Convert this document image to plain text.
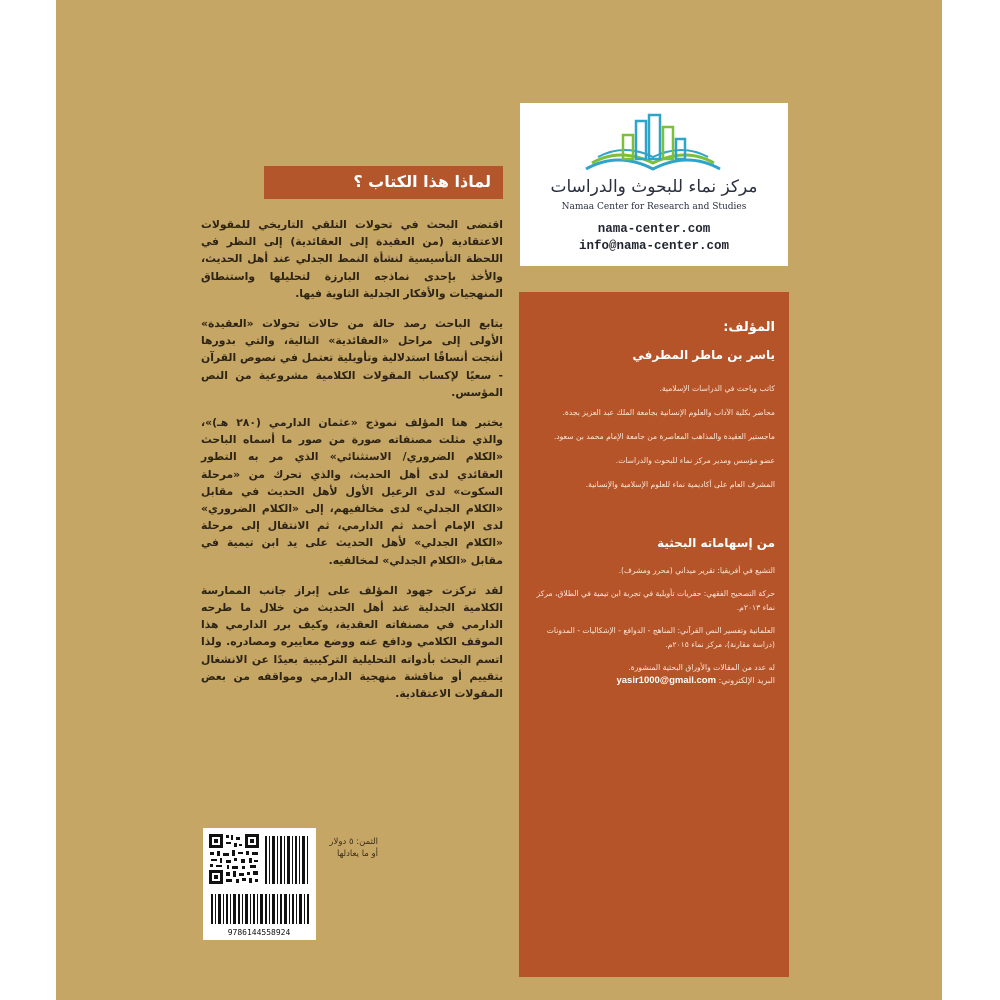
مركز نماء للبحوث والدراسات
Namaa Center for Research and Studies
nama-center.com
info@nama-center.com
لماذا هذا الكتاب ؟

اقتضى البحث في تحولات التلقي التاريخي للمقولات الاعتقادية (من العقيدة إلى العقائدية) إلى النظر في اللحظة التأسيسية لنشأة النمط الجدلي عند أهل الحديث، والأخذ بإحدى نماذجه البارزة لتحليلها واستنطاق المنهجيات والأفكار الجدلية الثاوية فيها.

يتابع الباحث رصد حالة من حالات تحولات «العقيدة» الأولى إلى مراحل «العقائدية» التالية، والتي بدورها أنتجت أنساقًا استدلالية وتأويلية تعتمل في نصوص القرآن - سعيًا لإكساب المقولات الكلامية مشروعية من النص المؤسس.

يختبر هنا المؤلف نموذج «عثمان الدارمي (٢٨٠ هـ)»، والذي مثلت مصنفاته صورة من صور ما أسماه الباحث «الكلام الضروري/ الاستثنائي» الذي مر به التطور العقائدي لدى أهل الحديث، والذي تحرك من «مرحلة السكوت» لدى الرعيل الأول لأهل الحديث في مقابل «الكلام الجدلي» لدى مخالفيهم، إلى «الكلام الضروري» لدى الإمام أحمد ثم الدارمي، ثم الانتقال إلى مرحلة «الكلام الجدلي» لأهل الحديث على يد ابن تيمية في مقابل «الكلام الجدلي» لمخالفيه.

لقد تركزت جهود المؤلف على إبراز جانب الممارسة الكلامية الجدلية عند أهل الحديث من خلال ما طرحه الدارمي في مصنفاته العقدية، وكيف برر الدارمي هذا الموقف الكلامي ودافع عنه ووضع معاييره ومصادره. ولذا اتسم البحث بأدواته التحليلية التركيبية بعيدًا عن الانشغال بتقييم أو مناقشة منهجية الدارمي ومواقفه من بعض المقولات الاعتقادية.

المؤلف:
ياسر بن ماطر المطرفي
كاتب وباحث في الدراسات الإسلامية.
محاضر بكلية الآداب والعلوم الإنسانية بجامعة الملك عبد العزيز بجدة.
ماجستير العقيدة والمذاهب المعاصرة من جامعة الإمام محمد بن سعود.
عضو مؤسس ومدير مركز نماء للبحوث والدراسات.
المشرف العام على أكاديمية نماء للعلوم الإسلامية والإنسانية.
من إسهاماته البحثية
التشيع في أفريقيا: تقرير ميداني (محرر ومشرف).
حركة التصحيح الفقهي: حفريات تأويلية في تجربة ابن تيمية في الطلاق، مركز نماء ٢٠١٣م.
العلمانية وتفسير النص القرآني: المناهج - الدوافع - الإشكاليات - المدونات (دراسة مقارنة)، مركز نماء ٢٠١٥م.
له عدد من المقالات والأوراق البحثية المنشورة.
البريد الإلكتروني: yasir1000@gmail.com
9786144558924
الثمن: ٥ دولار
أو ما يعادلها
